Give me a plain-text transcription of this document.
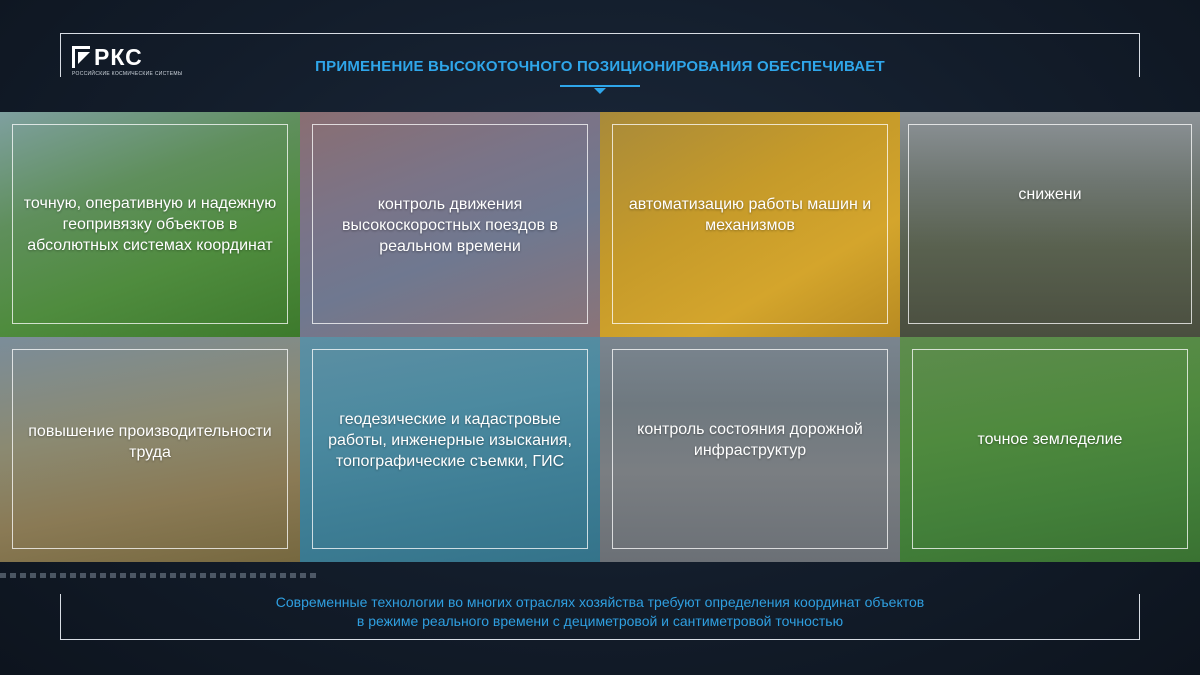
РКС
РОССИЙСКИЕ КОСМИЧЕСКИЕ СИСТЕМЫ	ПРИМЕНЕНИЕ ВЫСОКОТОЧНОГО ПОЗИЦИОНИРОВАНИЯ ОБЕСПЕЧИВАЕТ
точную, оперативную и надежную геопривязку объектов в абсолютных системах координат
контроль движения высокоскоростных поездов в реальном времени
автоматизацию работы машин и механизмов
снижени
повышение производительности труда
геодезические и кадастровые работы, инженерные изыскания, топографические съемки, ГИС
контроль состояния дорожной инфраструктур
точное земледелие
Современные технологии во многих отраслях хозяйства требуют определения координат объектов
в режиме реального времени с дециметровой и сантиметровой точностью
